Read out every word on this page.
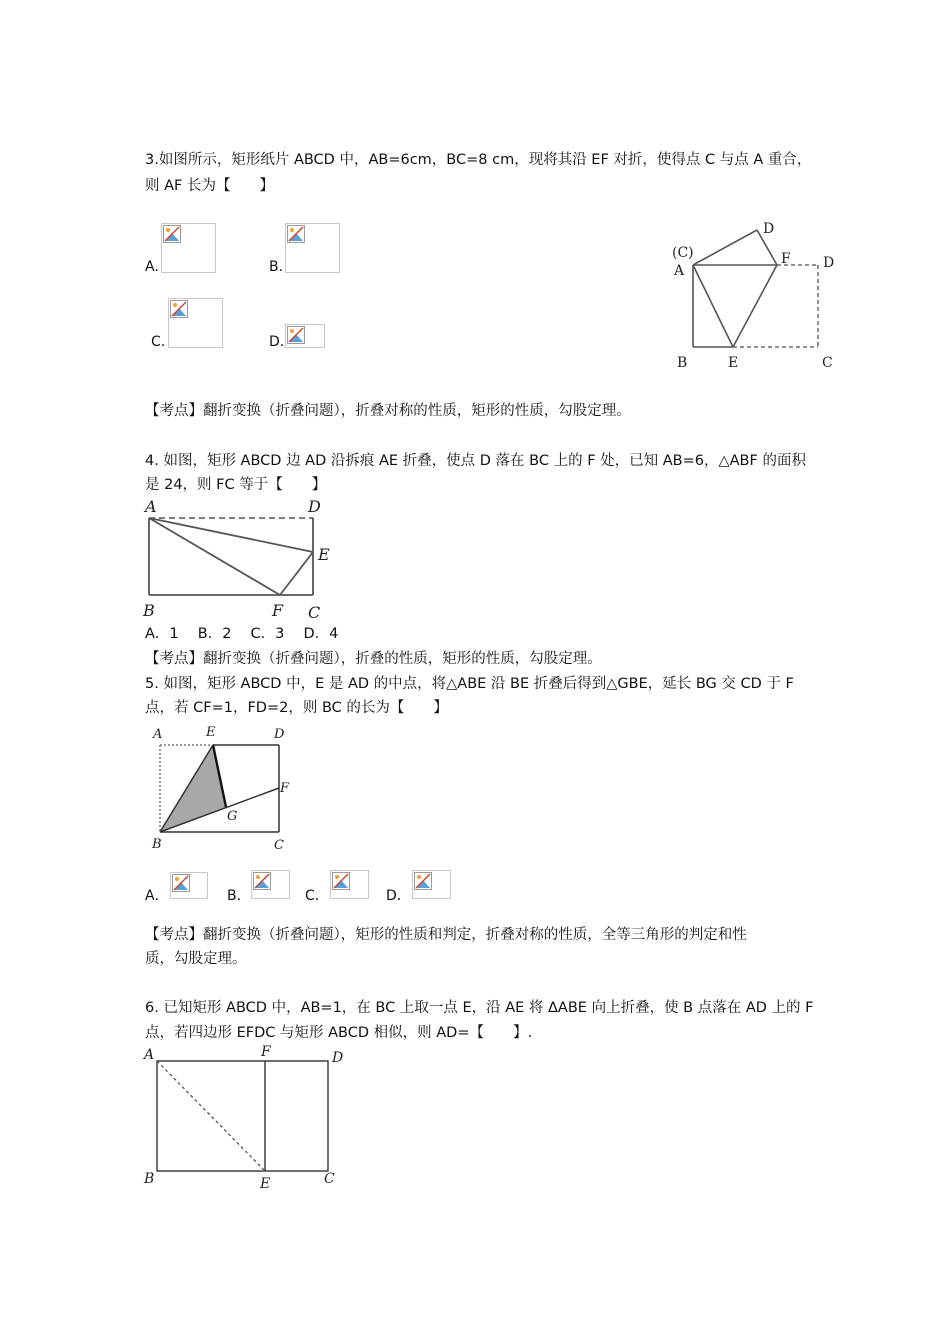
3.如图所示，矩形纸片 ABCD 中，AB=6cm，BC=8 cm，现将其沿 EF 对折，使得点 C 与点 A 重合，
则 AF 长为【　　】
A.	B.
C.	D.
(C)
A
D
F D
B	E	C
【考点】翻折变换（折叠问题），折叠对称的性质，矩形的性质，勾股定理。
4. 如图，矩形 ABCD 边 AD 沿拆痕 AE 折叠，使点 D 落在 BC 上的 F 处，已知 AB=6，△ABF 的面积
是 24，则 FC 等于【　　】
A	D
E
B	F C
A．1　 B．2　 C．3　 D．4
【考点】翻折变换（折叠问题），折叠的性质，矩形的性质，勾股定理。
5. 如图，矩形 ABCD 中，E 是 AD 的中点，将△ABE 沿 BE 折叠后得到△GBE，延长 BG 交 CD 于 F
点，若 CF=1，FD=2，则 BC 的长为【　　】
A	E	D
F
G
B	C
A．	B．	C．	D．
【考点】翻折变换（折叠问题），矩形的性质和判定，折叠对称的性质，全等三角形的判定和性
质，勾股定理。
6. 已知矩形 ABCD 中，AB=1，在 BC 上取一点 E，沿 AE 将 ΔABE 向上折叠，使 B 点落在 AD 上的 F
点，若四边形 EFDC 与矩形 ABCD 相似，则 AD=【　　】.
A	F	D
B	E	C
